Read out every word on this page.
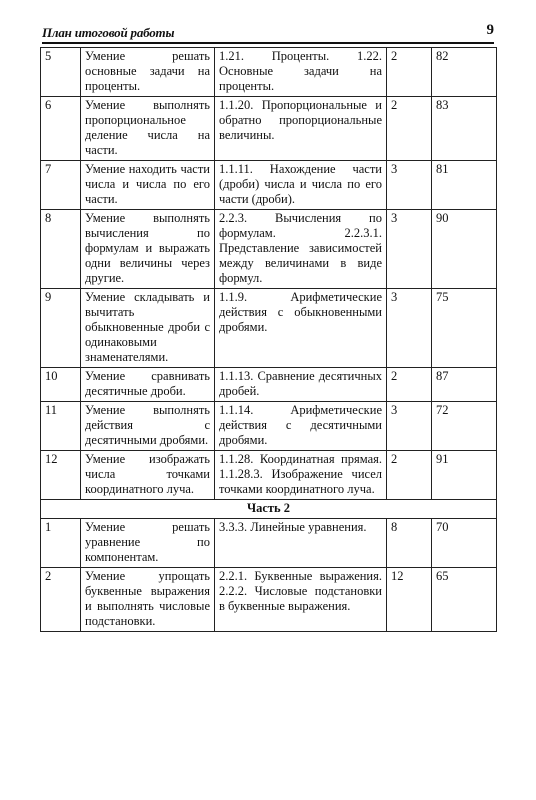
План итоговой работы	9
5	Умение решать основные задачи на проценты.	1.21. Проценты. 1.22. Основные задачи на проценты.	2	82
6	Умение выполнять пропорциональное деление числа на части.	1.1.20. Пропорциональные и обратно пропорциональные величины.	2	83
7	Умение находить части числа и числа по его части.	1.1.11. Нахождение части (дроби) числа и числа по его части (дроби).	3	81
8	Умение выполнять вычисления по формулам и выражать одни величины через другие.	2.2.3. Вычисления по формулам. 2.2.3.1. Представление зависимостей между величинами в виде формул.	3	90
9	Умение складывать и вычитать обыкновенные дроби с одинаковыми знаменателями.	1.1.9. Арифметические действия с обыкновенными дробями.	3	75
10	Умение сравнивать десятичные дроби.	1.1.13. Сравнение десятичных дробей.	2	87
11	Умение выполнять действия с десятичными дробями.	1.1.14. Арифметические действия с десятичными дробями.	3	72
12	Умение изображать числа точками координатного луча.	1.1.28. Координатная прямая. 1.1.28.3. Изображение чисел точками координатного луча.	2	91
Часть 2				
1	Умение решать уравнение по компонентам.	3.3.3. Линейные уравнения.	8	70
2	Умение упрощать буквенные выражения и выполнять числовые подстановки.	2.2.1. Буквенные выражения. 2.2.2. Числовые подстановки в буквенные выражения.	12	65
